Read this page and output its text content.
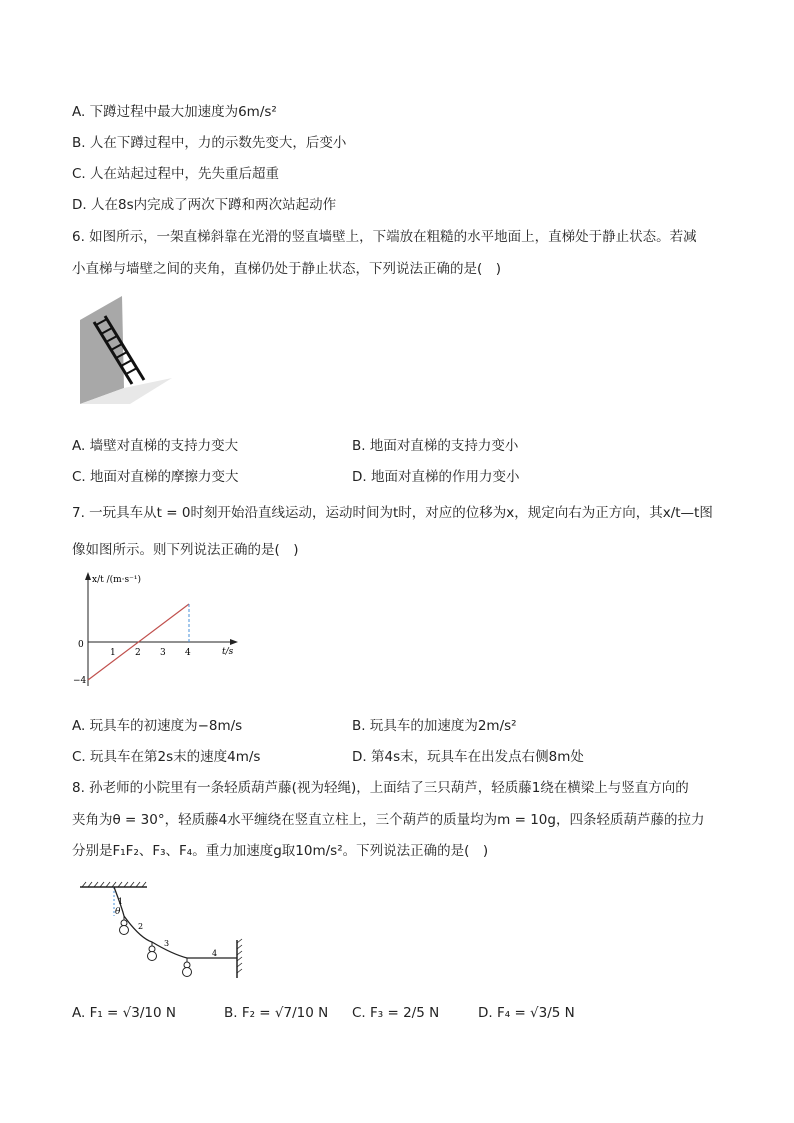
A. 下蹲过程中最大加速度为6m/s²
B. 人在下蹲过程中，力的示数先变大，后变小
C. 人在站起过程中，先失重后超重
D. 人在8s内完成了两次下蹲和两次站起动作
6. 如图所示，一架直梯斜靠在光滑的竖直墙壁上，下端放在粗糙的水平地面上，直梯处于静止状态。若减
小直梯与墙壁之间的夹角，直梯仍处于静止状态，下列说法正确的是(　)
A. 墙壁对直梯的支持力变大	B. 地面对直梯的支持力变小
C. 地面对直梯的摩擦力变大	D. 地面对直梯的作用力变小
7. 一玩具车从t = 0时刻开始沿直线运动，运动时间为t时，对应的位移为x，规定向右为正方向，其x/t—t图
像如图所示。则下列说法正确的是(　)
x/t /(m·s⁻¹)
t/s
0
−4
1 2 3 4
A. 玩具车的初速度为−8m/s	B. 玩具车的加速度为2m/s²
C. 玩具车在第2s末的速度4m/s	D. 第4s末，玩具车在出发点右侧8m处
8. 孙老师的小院里有一条轻质葫芦藤(视为轻绳)，上面结了三只葫芦，轻质藤1绕在横梁上与竖直方向的
夹角为θ = 30°，轻质藤4水平缠绕在竖直立柱上，三个葫芦的质量均为m = 10g，四条轻质葫芦藤的拉力
分别是F₁F₂、F₃、F₄。重力加速度g取10m/s²。下列说法正确的是(　)
1
θ
2
3
4
A. F₁ = √3/10 N	B. F₂ = √7/10 N C. F₃ = 2/5 N	D. F₄ = √3/5 N
